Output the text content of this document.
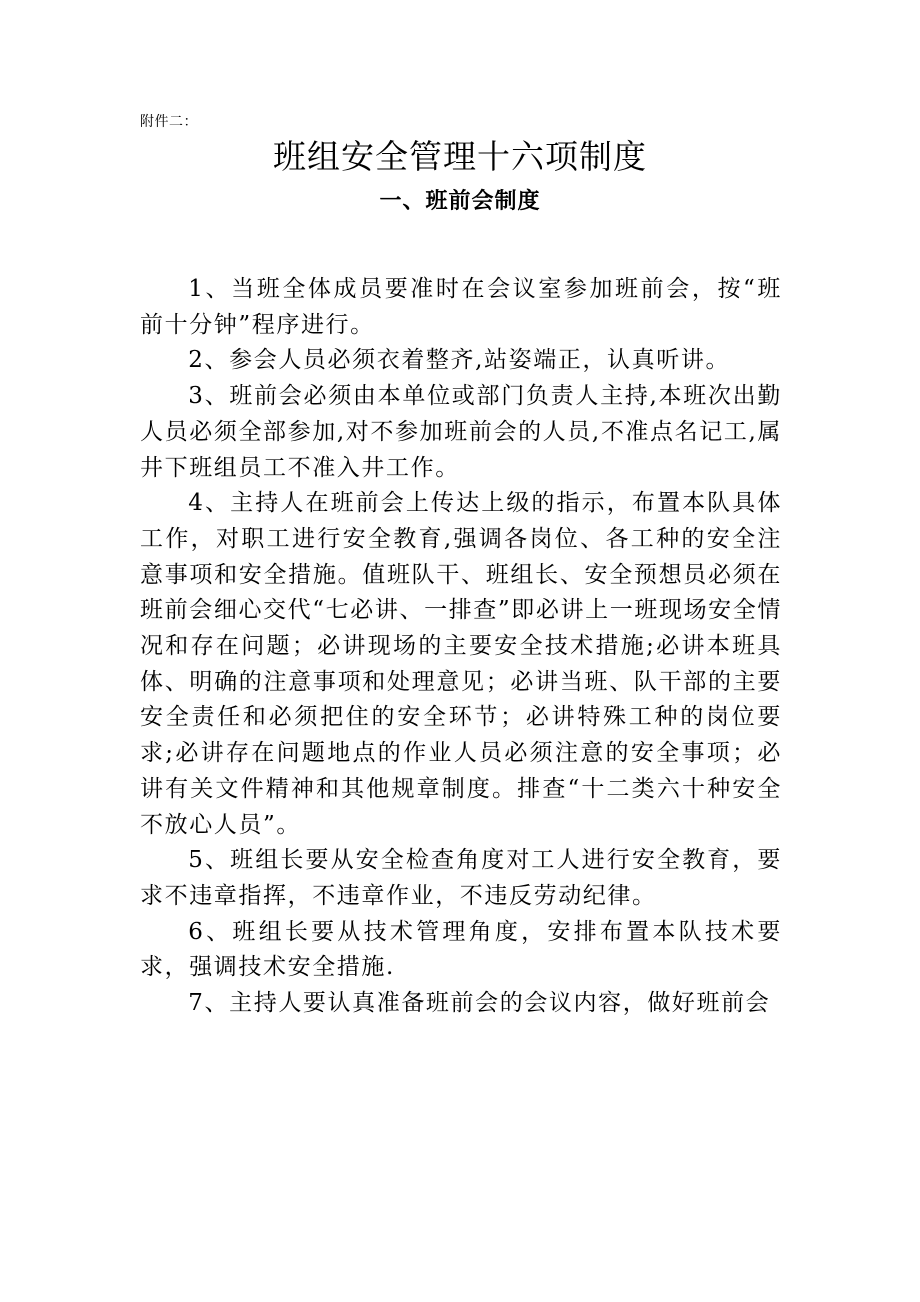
附件二：
班组安全管理十六项制度
一、班前会制度

1、当班全体成员要准时在会议室参加班前会，按“班前十分钟”程序进行。

2、参会人员必须衣着整齐,站姿端正，认真听讲。

3、班前会必须由本单位或部门负责人主持,本班次出勤人员必须全部参加,对不参加班前会的人员,不准点名记工,属井下班组员工不准入井工作。

4、主持人在班前会上传达上级的指示，布置本队具体工作，对职工进行安全教育,强调各岗位、各工种的安全注意事项和安全措施。值班队干、班组长、安全预想员必须在班前会细心交代“七必讲、一排查”即必讲上一班现场安全情况和存在问题；必讲现场的主要安全技术措施;必讲本班具体、明确的注意事项和处理意见；必讲当班、队干部的主要安全责任和必须把住的安全环节；必讲特殊工种的岗位要求;必讲存在问题地点的作业人员必须注意的安全事项；必讲有关文件精神和其他规章制度。排查“十二类六十种安全不放心人员”。

5、班组长要从安全检查角度对工人进行安全教育，要求不违章指挥，不违章作业，不违反劳动纪律。

6、班组长要从技术管理角度，安排布置本队技术要求，强调技术安全措施.

7、主持人要认真准备班前会的会议内容，做好班前会
